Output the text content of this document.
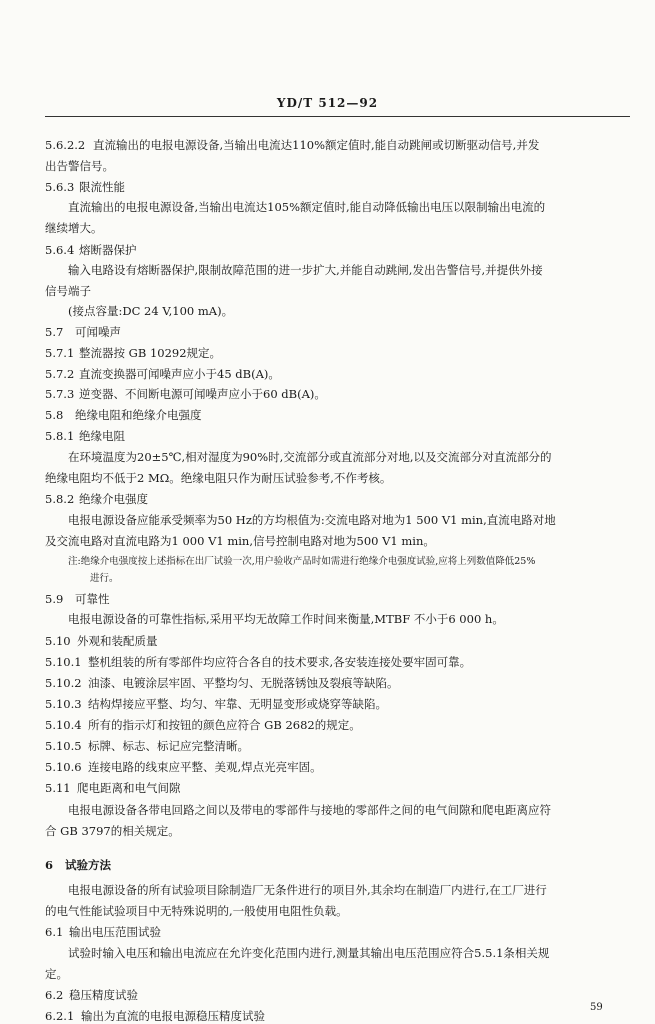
YD/T 512—92
5.6.2.2 直流输出的电报电源设备,当输出电流达110%额定值时,能自动跳闸或切断驱动信号,并发
出告警信号。
5.6.3 限流性能
直流输出的电报电源设备,当输出电流达105%额定值时,能自动降低输出电压以限制输出电流的
继续增大。
5.6.4 熔断器保护
输入电路设有熔断器保护,限制故障范围的进一步扩大,并能自动跳闸,发出告警信号,并提供外接
信号端子
(接点容量:DC 24 V,100 mA)。
5.7 可闻噪声
5.7.1 整流器按 GB 10292规定。
5.7.2 直流变换器可闻噪声应小于45 dB(A)。
5.7.3 逆变器、不间断电源可闻噪声应小于60 dB(A)。
5.8 绝缘电阻和绝缘介电强度
5.8.1 绝缘电阻
在环境温度为20±5℃,相对湿度为90%时,交流部分或直流部分对地,以及交流部分对直流部分的
绝缘电阻均不低于2 MΩ。绝缘电阻只作为耐压试验参考,不作考核。
5.8.2 绝缘介电强度
电报电源设备应能承受频率为50 Hz的方均根值为:交流电路对地为1 500 V1 min,直流电路对地
及交流电路对直流电路为1 000 V1 min,信号控制电路对地为500 V1 min。
注:绝缘介电强度按上述指标在出厂试验一次,用户验收产品时如需进行绝缘介电强度试验,应将上列数值降低25%
进行。
5.9 可靠性
电报电源设备的可靠性指标,采用平均无故障工作时间来衡量,MTBF 不小于6 000 h。
5.10 外观和装配质量
5.10.1 整机组装的所有零部件均应符合各自的技术要求,各安装连接处要牢固可靠。
5.10.2 油漆、电镀涂层牢固、平整均匀、无脱落锈蚀及裂痕等缺陷。
5.10.3 结构焊接应平整、均匀、牢靠、无明显变形或烧穿等缺陷。
5.10.4 所有的指示灯和按钮的颜色应符合 GB 2682的规定。
5.10.5 标牌、标志、标记应完整清晰。
5.10.6 连接电路的线束应平整、美观,焊点光亮牢固。
5.11 爬电距离和电气间隙
电报电源设备各带电回路之间以及带电的零部件与接地的零部件之间的电气间隙和爬电距离应符
合 GB 3797的相关规定。
6 试验方法
电报电源设备的所有试验项目除制造厂无条件进行的项目外,其余均在制造厂内进行,在工厂进行
的电气性能试验项目中无特殊说明的,一般使用电阻性负载。
6.1 输出电压范围试验
试验时输入电压和输出电流应在允许变化范围内进行,测量其输出电压范围应符合5.5.1条相关规
定。
6.2 稳压精度试验
6.2.1 输出为直流的电报电源稳压精度试验
59
